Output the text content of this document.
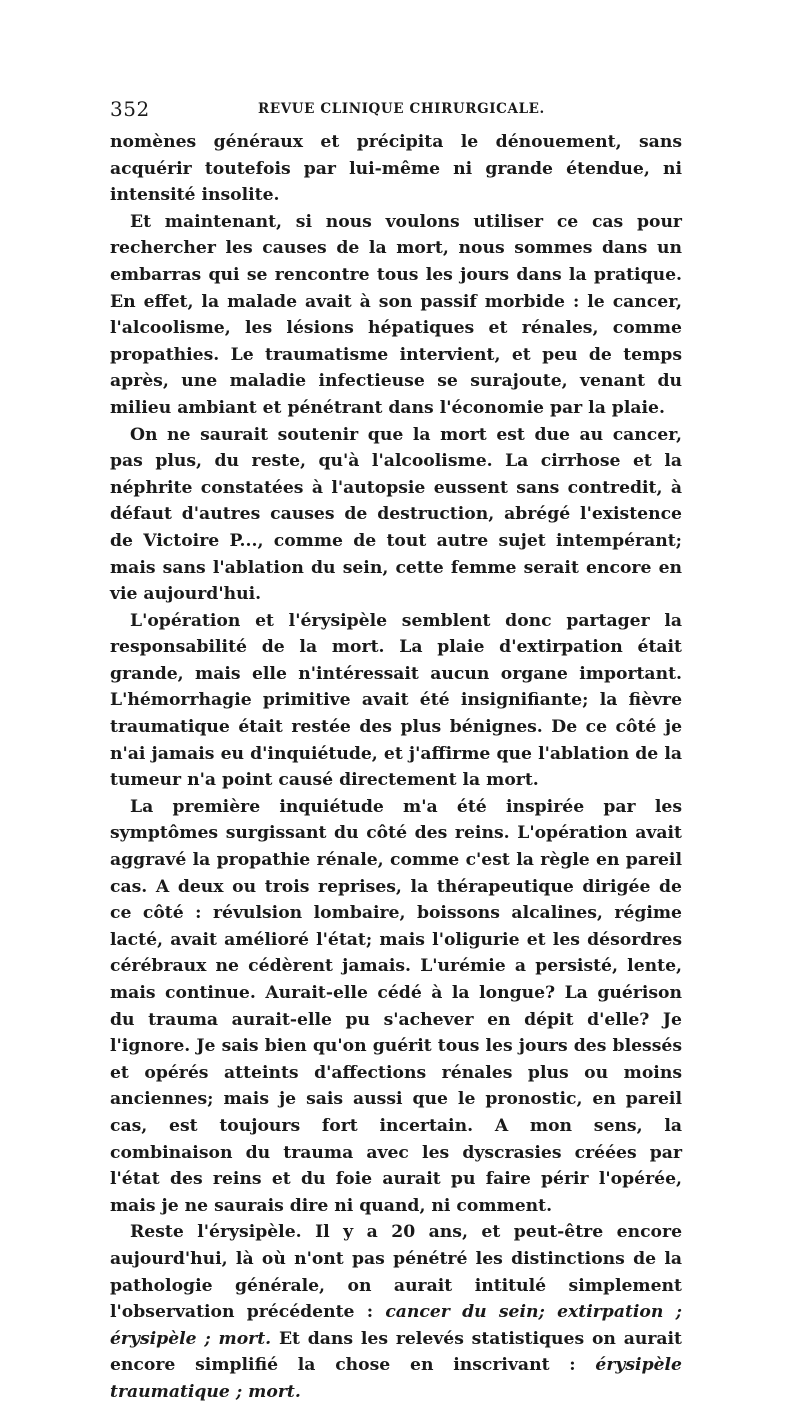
352	REVUE CLINIQUE CHIRURGICALE.

nomènes généraux et précipita le dénouement, sans acquérir toutefois par lui-même ni grande étendue, ni intensité insolite.

Et maintenant, si nous voulons utiliser ce cas pour rechercher les causes de la mort, nous sommes dans un embarras qui se rencontre tous les jours dans la pratique. En effet, la malade avait à son passif morbide : le cancer, l'alcoolisme, les lésions hépatiques et rénales, comme propathies. Le traumatisme intervient, et peu de temps après, une maladie infectieuse se surajoute, venant du milieu ambiant et pénétrant dans l'économie par la plaie.

On ne saurait soutenir que la mort est due au cancer, pas plus, du reste, qu'à l'alcoolisme. La cirrhose et la néphrite constatées à l'autopsie eussent sans contredit, à défaut d'autres causes de destruction, abrégé l'existence de Victoire P..., comme de tout autre sujet intempérant; mais sans l'ablation du sein, cette femme serait encore en vie aujourd'hui.

L'opération et l'érysipèle semblent donc partager la responsabilité de la mort. La plaie d'extirpation était grande, mais elle n'intéressait aucun organe important. L'hémorrhagie primitive avait été insignifiante; la fièvre traumatique était restée des plus bénignes. De ce côté je n'ai jamais eu d'inquiétude, et j'affirme que l'ablation de la tumeur n'a point causé directement la mort.

La première inquiétude m'a été inspirée par les symptômes surgissant du côté des reins. L'opération avait aggravé la propathie rénale, comme c'est la règle en pareil cas. A deux ou trois reprises, la thérapeutique dirigée de ce côté : révulsion lombaire, boissons alcalines, régime lacté, avait amélioré l'état; mais l'oligurie et les désordres cérébraux ne cédèrent jamais. L'urémie a persisté, lente, mais continue. Aurait-elle cédé à la longue? La guérison du trauma aurait-elle pu s'achever en dépit d'elle? Je l'ignore. Je sais bien qu'on guérit tous les jours des blessés et opérés atteints d'affections rénales plus ou moins anciennes; mais je sais aussi que le pronostic, en pareil cas, est toujours fort incertain. A mon sens, la combinaison du trauma avec les dyscrasies créées par l'état des reins et du foie aurait pu faire périr l'opérée, mais je ne saurais dire ni quand, ni comment.

Reste l'érysipèle. Il y a 20 ans, et peut-être encore aujourd'hui, là où n'ont pas pénétré les distinctions de la pathologie générale, on aurait intitulé simplement l'observation précédente : cancer du sein; extirpation ; érysipèle ; mort. Et dans les relevés statistiques on aurait encore simplifié la chose en inscrivant : érysipèle traumatique ; mort.
